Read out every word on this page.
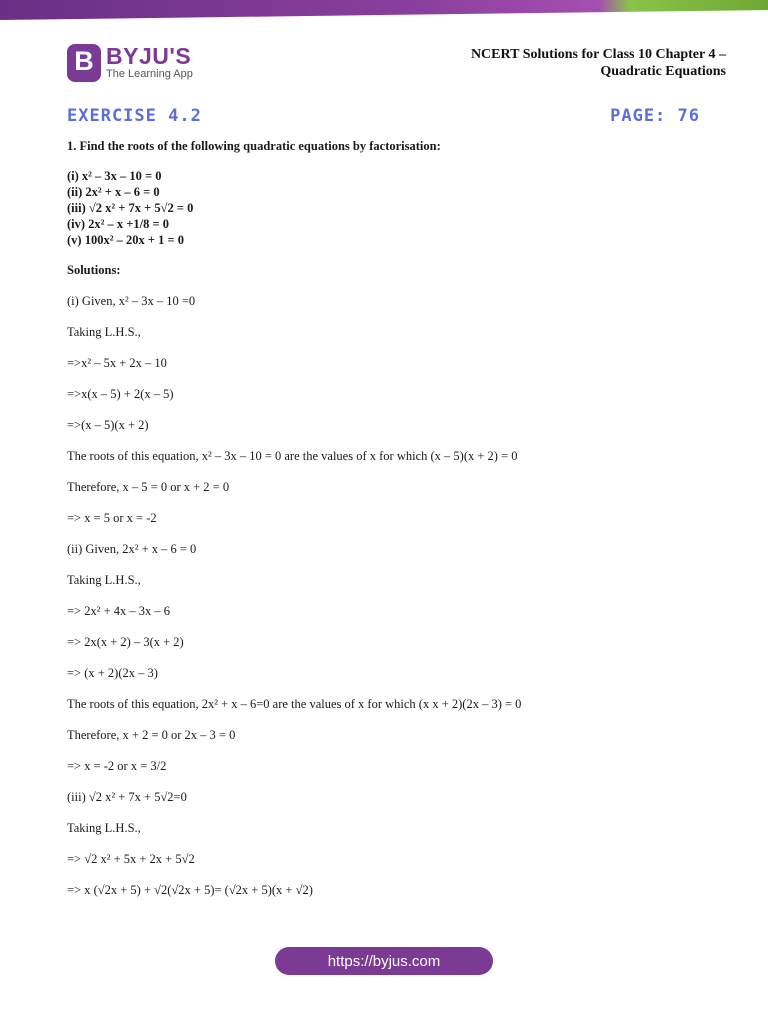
B BYJU'S
The Learning App
NCERT Solutions for Class 10 Chapter 4 –
Quadratic Equations
EXERCISE 4.2	PAGE: 76
1. Find the roots of the following quadratic equations by factorisation:
(i) x² – 3x – 10 = 0
(ii) 2x² + x – 6 = 0
(iii) √2 x² + 7x + 5√2 = 0
(iv) 2x² – x +1/8 = 0
(v) 100x² – 20x + 1 = 0
Solutions:
(i) Given, x² – 3x – 10 =0
Taking L.H.S.,
=>x² – 5x + 2x – 10
=>x(x – 5) + 2(x – 5)
=>(x – 5)(x + 2)
The roots of this equation, x² – 3x – 10 = 0 are the values of x for which (x – 5)(x + 2) = 0
Therefore, x – 5 = 0 or x + 2 = 0
=> x = 5 or x = -2
(ii) Given, 2x² + x – 6 = 0
Taking L.H.S.,
=> 2x² + 4x – 3x – 6
=> 2x(x + 2) – 3(x + 2)
=> (x + 2)(2x – 3)
The roots of this equation, 2x² + x – 6=0 are the values of x for which (x x + 2)(2x – 3) = 0
Therefore, x + 2 = 0 or 2x – 3 = 0
=> x = -2 or x = 3/2
(iii) √2 x² + 7x + 5√2=0
Taking L.H.S.,
=> √2 x² + 5x + 2x + 5√2
=> x (√2x + 5) + √2(√2x + 5)= (√2x + 5)(x + √2)
https://byjus.com
